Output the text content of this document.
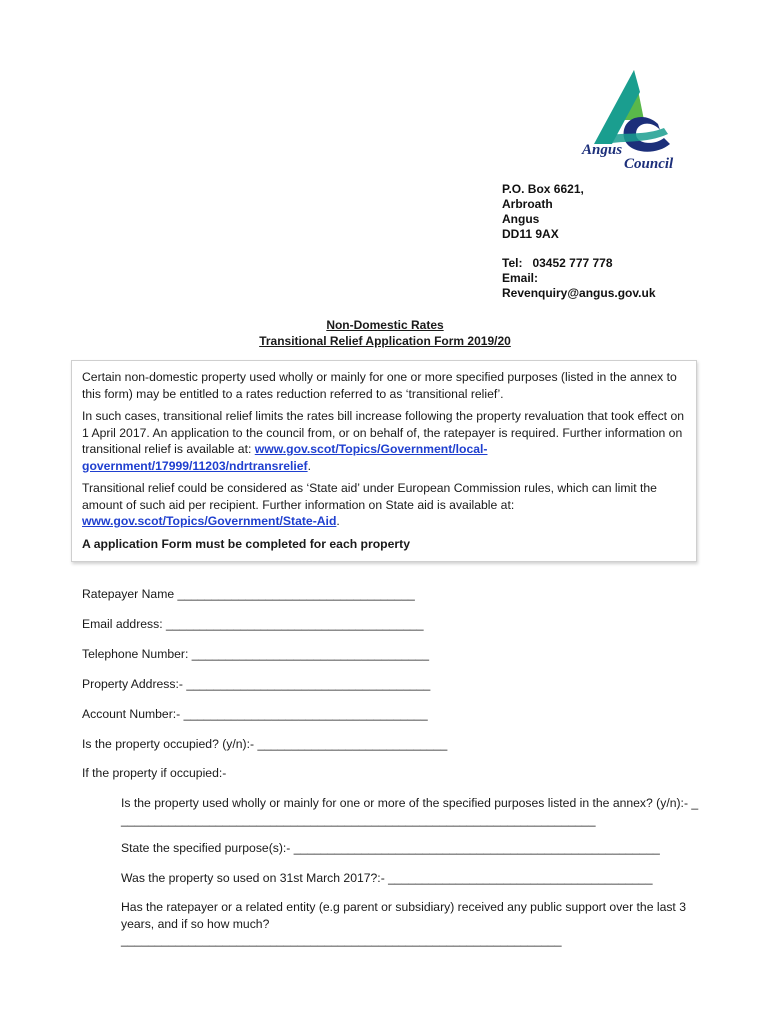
Angus
Council
P.O. Box 6621,
Arbroath
Angus
DD11 9AX
Tel:   03452 777 778
Email:
Revenquiry@angus.gov.uk
Non-Domestic Rates
Transitional Relief Application Form 2019/20

Certain non-domestic property used wholly or mainly for one or more specified purposes (listed in the annex to this form) may be entitled to a rates reduction referred to as ‘transitional relief’.

In such cases, transitional relief limits the rates bill increase following the property revaluation that took effect on 1 April 2017. An application to the council from, or on behalf of, the ratepayer is required. Further information on transitional relief is available at: www.gov.scot/Topics/Government/local-government/17999/11203/ndrtransrelief.

Transitional relief could be considered as ‘State aid’ under European Commission rules, which can limit the amount of such aid per recipient. Further information on State aid is available at: www.gov.scot/Topics/Government/State-Aid.

A application Form must be completed for each property

Ratepayer Name ___________________________________
Email address: ______________________________________
Telephone Number: ___________________________________
Property Address:- ____________________________________
Account Number:- ____________________________________
Is the property occupied? (y/n):- ____________________________
If the property if occupied:-
Is the property used wholly or mainly for one or more of the specified purposes listed in the annex? (y/n):- _______________________________________________________________________
State the specified purpose(s):- ______________________________________________________
Was the property so used on 31st March 2017?:- _______________________________________
Has the ratepayer or a related entity (e.g parent or subsidiary) received any public support over the last 3 years, and if so how much?
_________________________________________________________________
